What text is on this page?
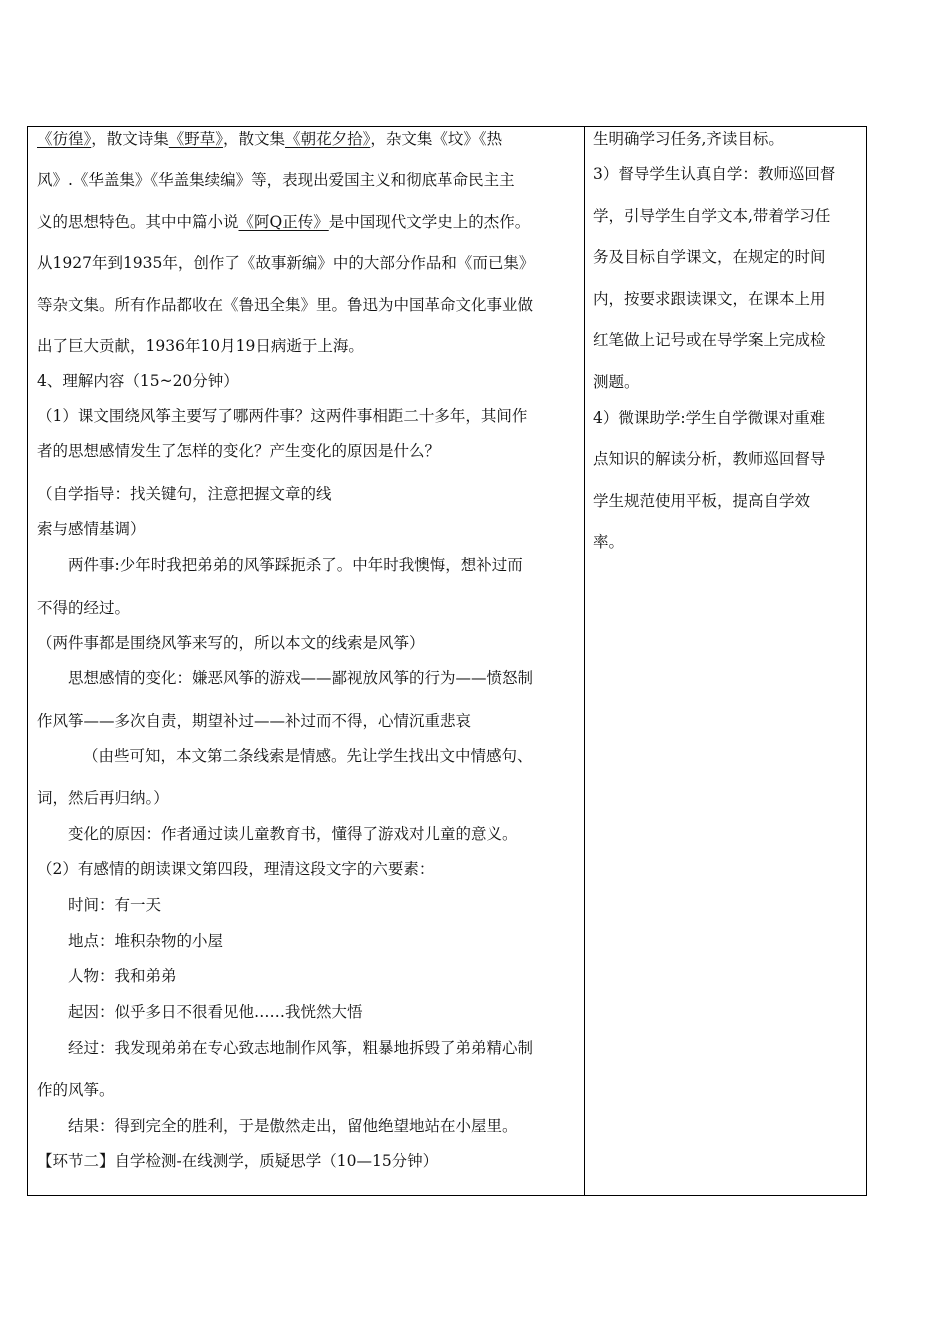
《彷徨》，散文诗集《野草》，散文集《朝花夕拾》，杂文集《坟》《热
风》.《华盖集》《华盖集续编》等，表现出爱国主义和彻底革命民主主
义的思想特色。其中中篇小说《阿Q正传》是中国现代文学史上的杰作。
从1927年到1935年，创作了《故事新编》中的大部分作品和《而已集》
等杂文集。所有作品都收在《鲁迅全集》里。鲁迅为中国革命文化事业做
出了巨大贡献，1936年10月19日病逝于上海。
4、理解内容（15~20分钟）
（1）课文围绕风筝主要写了哪两件事？这两件事相距二十多年，其间作
者的思想感情发生了怎样的变化？产生变化的原因是什么？
（自学指导：找关键句，注意把握文章的线
索与感情基调）
两件事:少年时我把弟弟的风筝踩扼杀了。中年时我懊悔，想补过而
不得的经过。
（两件事都是围绕风筝来写的，所以本文的线索是风筝）
思想感情的变化：嫌恶风筝的游戏——鄙视放风筝的行为——愤怒制
作风筝——多次自责，期望补过——补过而不得，心情沉重悲哀
（由些可知，本文第二条线索是情感。先让学生找出文中情感句、
词，然后再归纳。）
变化的原因：作者通过读儿童教育书，懂得了游戏对儿童的意义。
（2）有感情的朗读课文第四段，理清这段文字的六要素：
时间：有一天
地点：堆积杂物的小屋
人物：我和弟弟
起因：似乎多日不很看见他……我恍然大悟
经过：我发现弟弟在专心致志地制作风筝，粗暴地拆毁了弟弟精心制
作的风筝。
结果：得到完全的胜利，于是傲然走出，留他绝望地站在小屋里。
【环节二】自学检测-在线测学，质疑思学（10—15分钟）
生明确学习任务,齐读目标。
3）督导学生认真自学：教师巡回督
学，引导学生自学文本,带着学习任
务及目标自学课文，在规定的时间
内，按要求跟读课文，在课本上用
红笔做上记号或在导学案上完成检
测题。
4）微课助学:学生自学微课对重难
点知识的解读分析，教师巡回督导
学生规范使用平板，提高自学效
率。
